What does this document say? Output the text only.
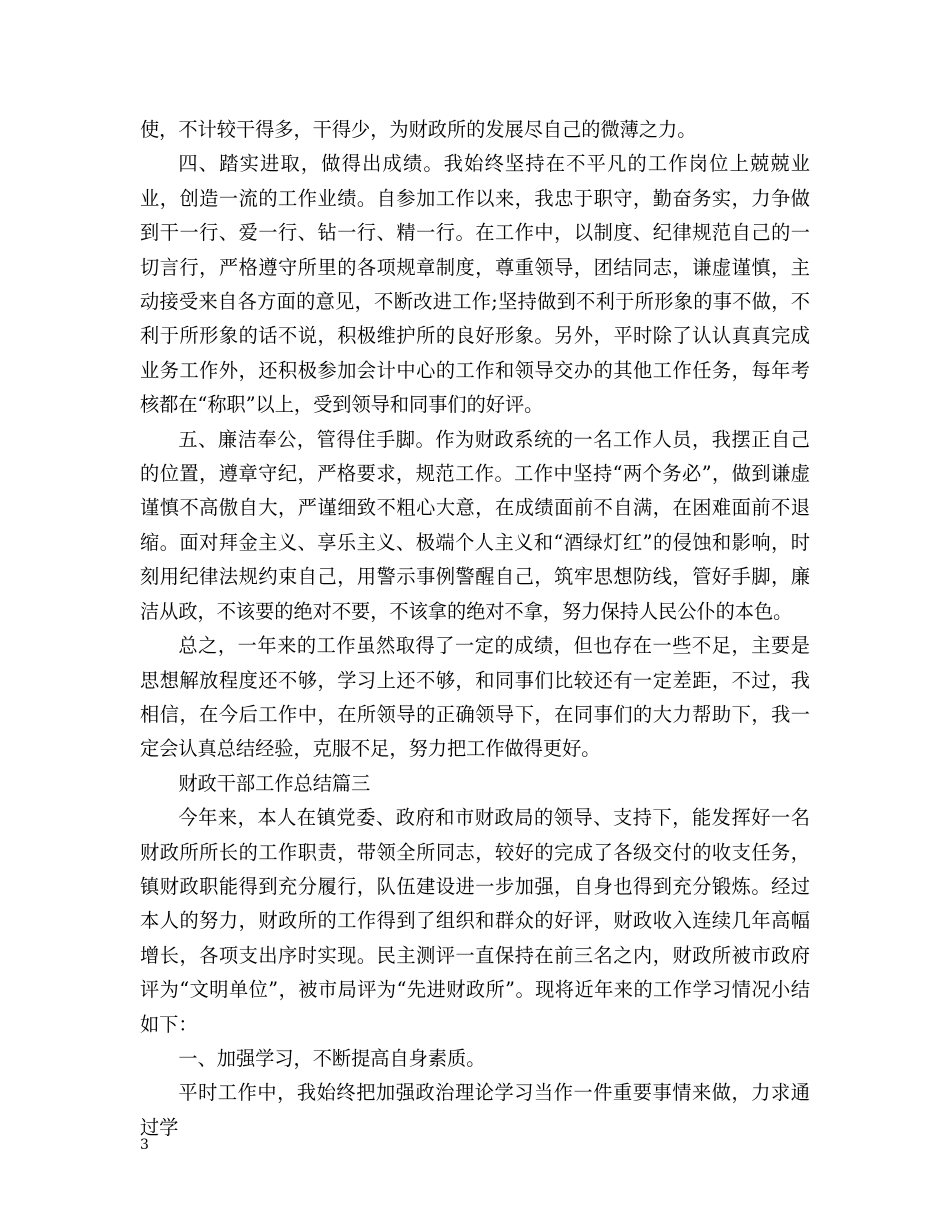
使，不计较干得多，干得少，为财政所的发展尽自己的微薄之力。

四、踏实进取，做得出成绩。我始终坚持在不平凡的工作岗位上兢兢业业，创造一流的工作业绩。自参加工作以来，我忠于职守，勤奋务实，力争做到干一行、爱一行、钻一行、精一行。在工作中，以制度、纪律规范自己的一切言行，严格遵守所里的各项规章制度，尊重领导，团结同志，谦虚谨慎，主动接受来自各方面的意见，不断改进工作;坚持做到不利于所形象的事不做，不利于所形象的话不说，积极维护所的良好形象。另外，平时除了认认真真完成业务工作外，还积极参加会计中心的工作和领导交办的其他工作任务，每年考核都在“称职”以上，受到领导和同事们的好评。

五、廉洁奉公，管得住手脚。作为财政系统的一名工作人员，我摆正自己的位置，遵章守纪，严格要求，规范工作。工作中坚持“两个务必”，做到谦虚谨慎不高傲自大，严谨细致不粗心大意，在成绩面前不自满，在困难面前不退缩。面对拜金主义、享乐主义、极端个人主义和“酒绿灯红”的侵蚀和影响，时刻用纪律法规约束自己，用警示事例警醒自己，筑牢思想防线，管好手脚，廉洁从政，不该要的绝对不要，不该拿的绝对不拿，努力保持人民公仆的本色。

总之，一年来的工作虽然取得了一定的成绩，但也存在一些不足，主要是思想解放程度还不够，学习上还不够，和同事们比较还有一定差距，不过，我相信，在今后工作中，在所领导的正确领导下，在同事们的大力帮助下，我一定会认真总结经验，克服不足，努力把工作做得更好。

财政干部工作总结篇三

今年来，本人在镇党委、政府和市财政局的领导、支持下，能发挥好一名财政所所长的工作职责，带领全所同志，较好的完成了各级交付的收支任务，镇财政职能得到充分履行，队伍建设进一步加强，自身也得到充分锻炼。经过本人的努力，财政所的工作得到了组织和群众的好评，财政收入连续几年高幅增长，各项支出序时实现。民主测评一直保持在前三名之内，财政所被市政府评为“文明单位”，被市局评为“先进财政所”。现将近年来的工作学习情况小结如下：

一、加强学习，不断提高自身素质。

平时工作中，我始终把加强政治理论学习当作一件重要事情来做，力求通过学

3
